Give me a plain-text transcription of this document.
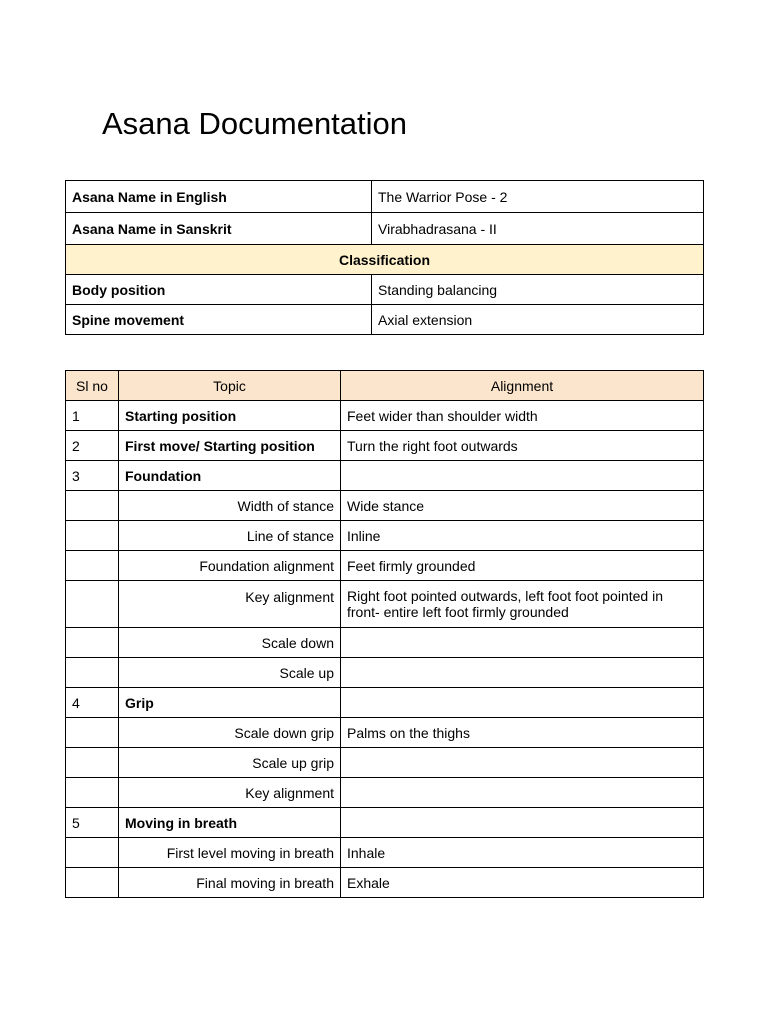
Asana Documentation
Asana Name in English	The Warrior Pose - 2
Asana Name in Sanskrit	Virabhadrasana - II
Classification	
Body position	Standing balancing
Spine movement	Axial extension
Sl no	Topic	Alignment
1	Starting position	Feet wider than shoulder width
2	First move/ Starting position	Turn the right foot outwards
3	Foundation	
	Width of stance	Wide stance
	Line of stance	Inline
	Foundation alignment	Feet firmly grounded
	Key alignment	Right foot pointed outwards, left foot foot pointed in front- entire left foot firmly grounded
	Scale down	
	Scale up	
4	Grip	
	Scale down grip	Palms on the thighs
	Scale up grip	
	Key alignment	
5	Moving in breath	
	First level moving in breath	Inhale
	Final moving in breath	Exhale
